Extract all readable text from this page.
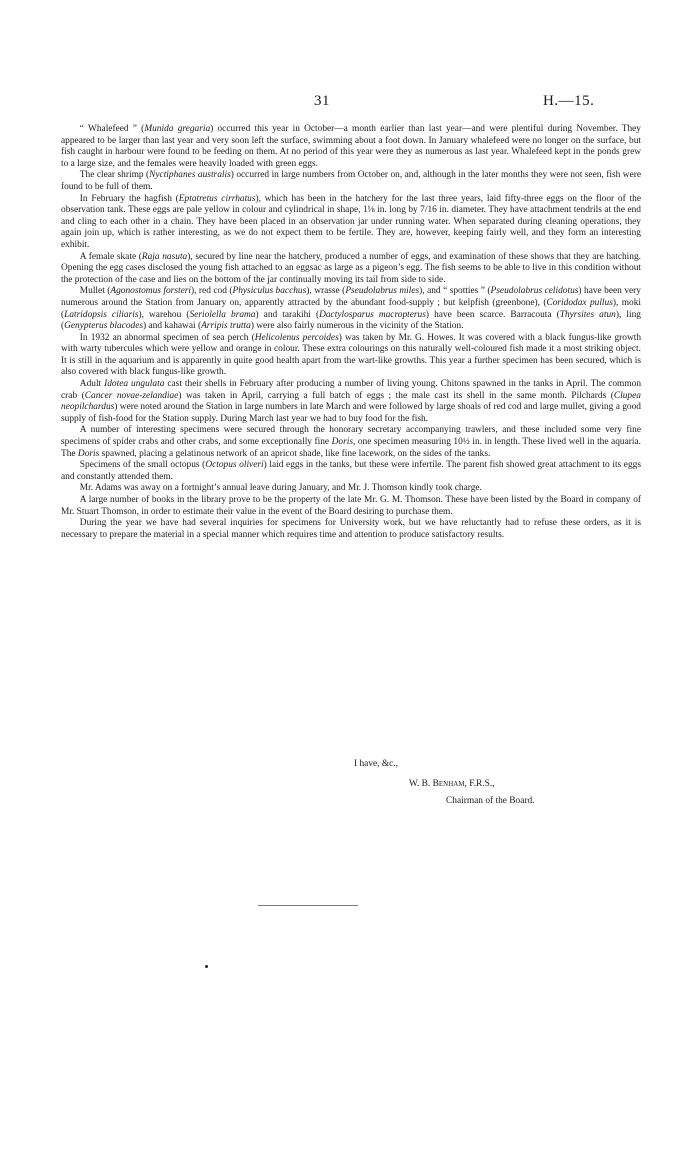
31	H.—15.

“ Whalefeed ” (Munida gregaria) occurred this year in October—a month earlier than last year—and were plentiful during November. They appeared to be larger than last year and very soon left the surface, swimming about a foot down. In January whalefeed were no longer on the surface, but fish caught in harbour were found to be feeding on them. At no period of this year were they as numerous as last year. Whalefeed kept in the ponds grew to a large size, and the females were heavily loaded with green eggs.

The clear shrimp (Nyctiphanes australis) occurred in large numbers from October on, and, although in the later months they were not seen, fish were found to be full of them.

In February the hagfish (Eptatretus cirrhatus), which has been in the hatchery for the last three years, laid fifty-three eggs on the floor of the observation tank. These eggs are pale yellow in colour and cylindrical in shape, 1⅛ in. long by 7/16 in. diameter. They have attachment tendrils at the end and cling to each other in a chain. They have been placed in an observation jar under running water. When separated during cleaning operations, they again join up, which is rather interesting, as we do not expect them to be fertile. They are, however, keeping fairly well, and they form an interesting exhibit.

A female skate (Raja nasuta), secured by line near the hatchery, produced a number of eggs, and examination of these shows that they are hatching. Opening the egg cases disclosed the young fish attached to an eggsac as large as a pigeon’s egg. The fish seems to be able to live in this condition without the protection of the case and lies on the bottom of the jar continually moving its tail from side to side.

Mullet (Agonostomus forsteri), red cod (Physiculus bacchus), wrasse (Pseudolabrus miles), and “ spotties ” (Pseudolabrus celidotus) have been very numerous around the Station from January on, apparently attracted by the abundant food-supply ; but kelpfish (greenbone), (Coridodax pullus), moki (Latridopsis ciliaris), warehou (Seriolella brama) and tarakihi (Dactylosparus macropterus) have been scarce. Barracouta (Thyrsites atun), ling (Genypterus blacodes) and kahawai (Arripis trutta) were also fairly numerous in the vicinity of the Station.

In 1932 an abnormal specimen of sea perch (Helicolenus percoides) was taken by Mr. G. Howes. It was covered with a black fungus-like growth with warty tubercules which were yellow and orange in colour. These extra colourings on this naturally well-coloured fish made it a most striking object. It is still in the aquarium and is apparently in quite good health apart from the wart-like growths. This year a further specimen has been secured, which is also covered with black fungus-like growth.

Adult Idotea ungulata cast their shells in February after producing a number of living young. Chitons spawned in the tanks in April. The common crab (Cancer novae-zelandiae) was taken in April, carrying a full batch of eggs ; the male cast its shell in the same month. Pilchards (Clupea neopilchardus) were noted around the Station in large numbers in late March and were followed by large shoals of red cod and large mullet, giving a good supply of fish-food for the Station supply. During March last year we had to buy food for the fish.

A number of interesting specimens were secured through the honorary secretary accompanying trawlers, and these included some very fine specimens of spider crabs and other crabs, and some exceptionally fine Doris, one specimen measuring 10½ in. in length. These lived well in the aquaria. The Doris spawned, placing a gelatinous network of an apricot shade, like fine lacework, on the sides of the tanks.

Specimens of the small octopus (Octopus oliveri) laid eggs in the tanks, but these were infertile. The parent fish showed great attachment to its eggs and constantly attended them.

Mr. Adams was away on a fortnight’s annual leave during January, and Mr. J. Thomson kindly took charge.

A large number of books in the library prove to be the property of the late Mr. G. M. Thomson. These have been listed by the Board in company of Mr. Stuart Thomson, in order to estimate their value in the event of the Board desiring to purchase them.

During the year we have had several inquiries for specimens for University work, but we have reluctantly had to refuse these orders, as it is necessary to prepare the material in a special manner which requires time and attention to produce satisfactory results.

I have, &c.,
W. B. Benham, F.R.S.,
Chairman of the Board.
